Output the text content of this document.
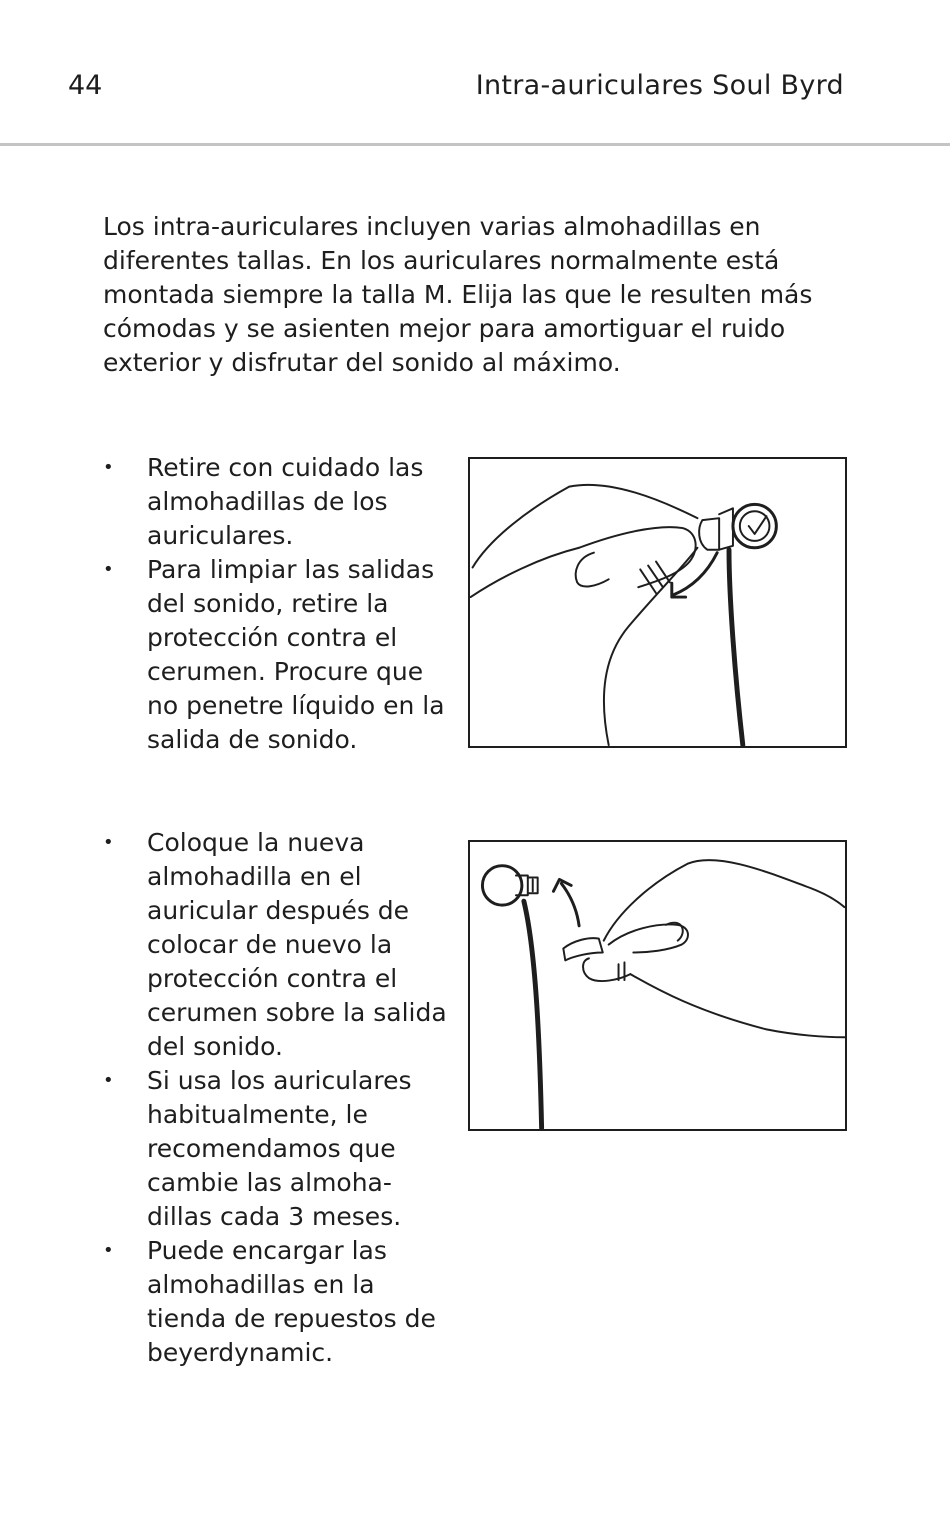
44	Intra-auriculares Soul Byrd

Los intra-auriculares incluyen varias almohadillas en diferentes tallas. En los auriculares normalmente está montada siempre la talla M. Elija las que le resulten más cómodas y se asienten mejor para amortiguar el ruido exterior y disfrutar del sonido al máximo.

• Retire con cuidado las almohadillas de los auriculares.
• Para limpiar las salidas del sonido, retire la protección contra el cerumen. Procure que no penetre líquido en la salida de sonido.
• Coloque la nueva almohadilla en el auricular después de colocar de nuevo la protección contra el cerumen sobre la salida del sonido.
• Si usa los auriculares habitualmente, le recomendamos que cambie las almoha-dillas cada 3 meses.
• Puede encargar las almohadillas en la tienda de repuestos de beyerdynamic.
